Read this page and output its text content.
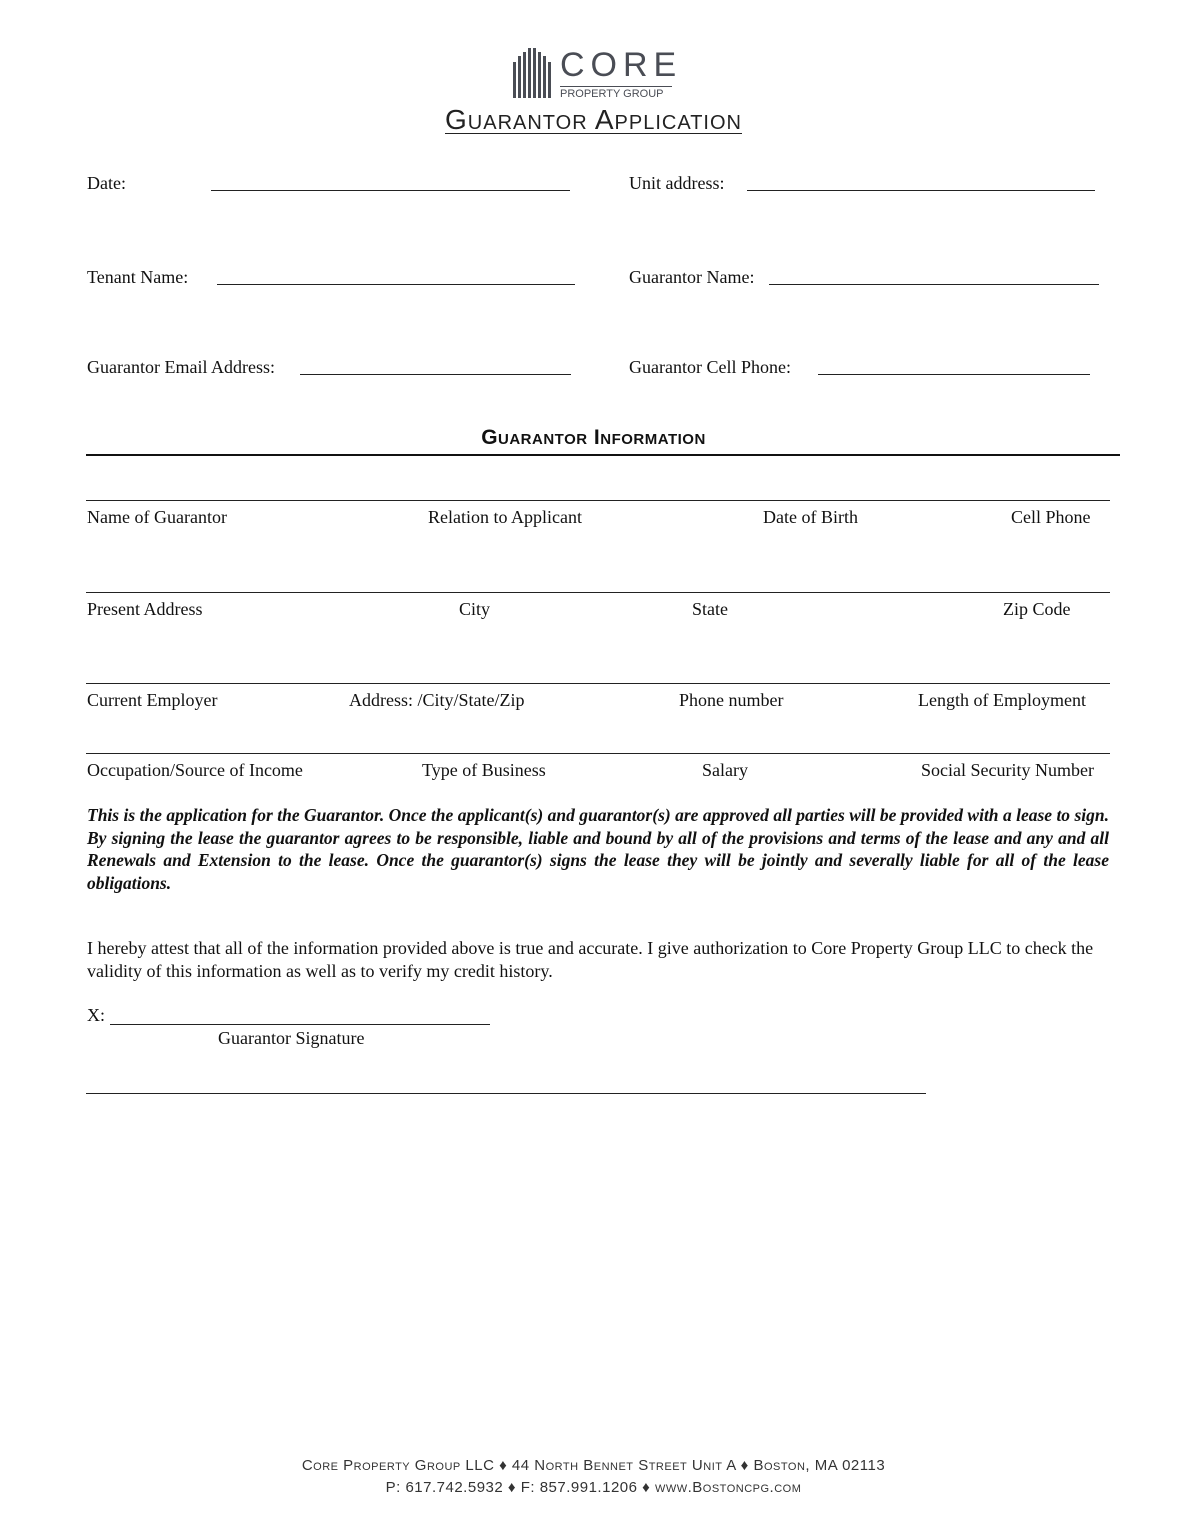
CORE
PROPERTY GROUP
Guarantor Application
Date:	Unit address:
Tenant Name:	Guarantor Name:
Guarantor Email Address:	Guarantor Cell Phone:
Guarantor Information
Name of Guarantor	Relation to Applicant	Date of Birth	Cell Phone
Present Address	City	State	Zip Code
Current Employer	Address: /City/State/Zip	Phone number	Length of Employment
Occupation/Source of Income	Type of Business	Salary	Social Security Number
This is the application for the Guarantor. Once the applicant(s) and guarantor(s) are approved all parties will be provided with a lease to sign. By signing the lease the guarantor agrees to be responsible, liable and bound by all of the provisions and terms of the lease and any and all Renewals and Extension to the lease. Once the guarantor(s) signs the lease they will be jointly and severally liable for all of the lease obligations.
I hereby attest that all of the information provided above is true and accurate. I give authorization to Core Property Group LLC to check the validity of this information as well as to verify my credit history.
X:
Guarantor Signature
Core Property Group LLC ♦ 44 North Bennet Street Unit A ♦ Boston, MA 02113
P: 617.742.5932 ♦ F: 857.991.1206 ♦ www.Bostoncpg.com
